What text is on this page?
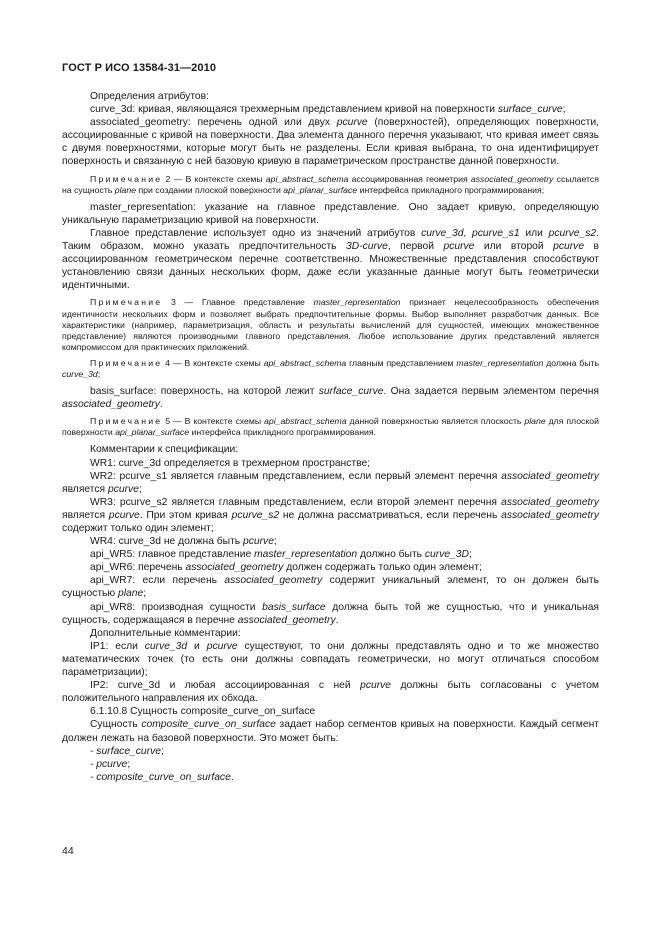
ГОСТ Р ИСО 13584-31—2010

Определения атрибутов:

curve_3d: кривая, являющаяся трехмерным представлением кривой на поверхности surface_curve;

associated_geometry: перечень одной или двух pcurve (поверхностей), определяющих поверхности, ассоциированные с кривой на поверхности. Два элемента данного перечня указывают, что кривая имеет связь с двумя поверхностями, которые могут быть не разделены. Если кривая выбрана, то она идентифицирует поверхность и связанную с ней базовую кривую в параметрическом пространстве данной поверхности.

Примечание 2 — В контексте схемы api_abstract_schema ассоциированная геометрия associated_geometry ссылается на сущность plane при создании плоской поверхности api_planar_surface интерфейса прикладного программирования;

master_representation: указание на главное представление. Оно задает кривую, определяющую уникальную параметризацию кривой на поверхности.

Главное представление использует одно из значений атрибутов curve_3d, pcurve_s1 или pcurve_s2. Таким образом, можно указать предпочтительность 3D-curve, первой pcurve или второй pcurve в ассоциированном геометрическом перечне соответственно. Множественные представления способствуют установлению связи данных нескольких форм, даже если указанные данные могут быть геометрически идентичными.

Примечание 3 — Главное представление master_representation признает нецелесообразность обеспечения идентичности нескольких форм и позволяет выбрать предпочтительные формы. Выбор выполняет разработчик данных. Все характеристики (например, параметризация, область и результаты вычислений для сущностей, имеющих множественное представление) являются производными главного представления. Любое использование других представлений является компромиссом для практических приложений.

Примечание 4 — В контексте схемы api_abstract_schema главным представлением master_representation должна быть curve_3d;

basis_surface: поверхность, на которой лежит surface_curve. Она задается первым элементом перечня associated_geometry.

Примечание 5 — В контексте схемы api_abstract_schema данной поверхностью является плоскость plane для плоской поверхности api_planar_surface интерфейса прикладного программирования.

Комментарии к спецификации:

WR1: curve_3d определяется в трехмерном пространстве;

WR2: pcurve_s1 является главным представлением, если первый элемент перечня associated_geometry является pcurve;

WR3: pcurve_s2 является главным представлением, если второй элемент перечня associated_geometry является pcurve. При этом кривая pcurve_s2 не должна рассматриваться, если перечень associated_geometry содержит только один элемент;

WR4: curve_3d не должна быть pcurve;

api_WR5: главное представление master_representation должно быть curve_3D;

api_WR6: перечень associated_geometry должен содержать только один элемент;

api_WR7: если перечень associated_geometry содержит уникальный элемент, то он должен быть сущностью plane;

api_WR8: производная сущности basis_surface должна быть той же сущностью, что и уникальная сущность, содержащаяся в перечне associated_geometry.

Дополнительные комментарии:

IP1: если curve_3d и pcurve существуют, то они должны представлять одно и то же множество математических точек (то есть они должны совпадать геометрически, но могут отличаться способом параметризации);

IP2: curve_3d и любая ассоциированная с ней pcurve должны быть согласованы с учетом положительного направления их обхода.

6.1.10.8 Сущность composite_curve_on_surface

Сущность composite_curve_on_surface задает набор сегментов кривых на поверхности. Каждый сегмент должен лежать на базовой поверхности. Это может быть:

- surface_curve;

- pcurve;

- composite_curve_on_surface.

44
